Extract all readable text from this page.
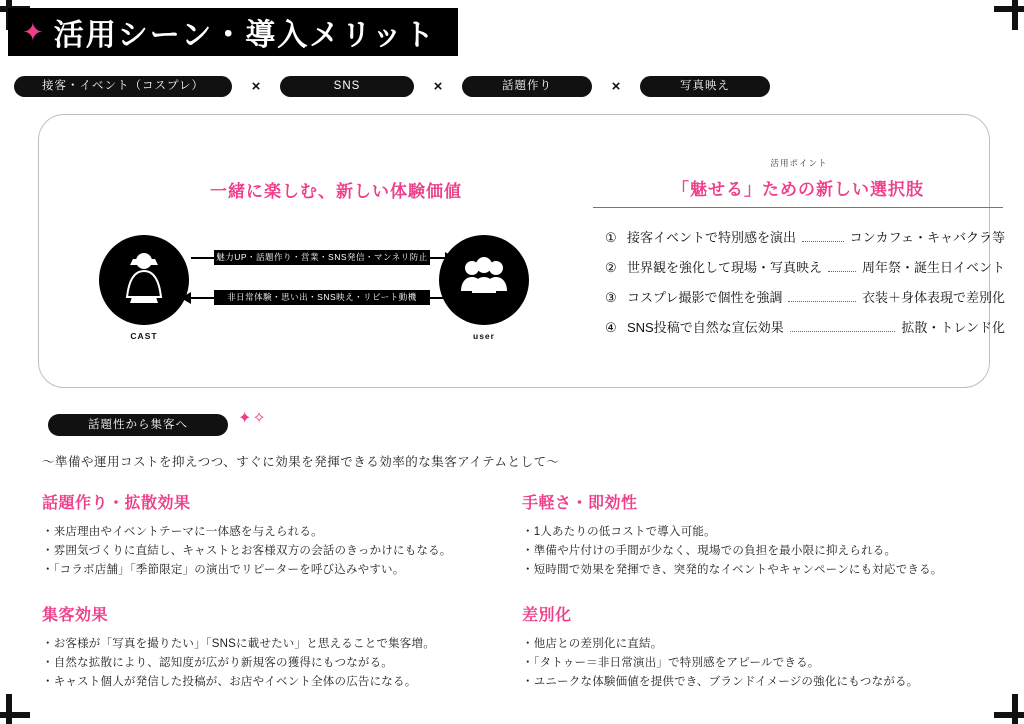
✦ 活用シーン・導入メリット
接客・イベント（コスプレ）	×	SNS	×	話題作り	×	写真映え
一緒に楽しむ、新しい体験価値
活用ポイント
「魅せる」ための新しい選択肢
CAST	user
魅力UP・話題作り・営業・SNS発信・マンネリ防止
非日常体験・思い出・SNS映え・リピート動機
① 接客イベントで特別感を演出	コンカフェ・キャバクラ等
② 世界観を強化して現場・写真映え	周年祭・誕生日イベント
③ コスプレ撮影で個性を強調	衣装＋身体表現で差別化
④ SNS投稿で自然な宣伝効果	拡散・トレンド化
話題性から集客へ	✦✧
〜準備や運用コストを抑えつつ、すぐに効果を発揮できる効率的な集客アイテムとして〜
話題作り・拡散効果
・来店理由やイベントテーマに一体感を与えられる。
・雰囲気づくりに直結し、キャストとお客様双方の会話のきっかけにもなる。
・「コラボ店舗」「季節限定」の演出でリピーターを呼び込みやすい。
集客効果
・お客様が「写真を撮りたい」「SNSに載せたい」と思えることで集客増。
・自然な拡散により、認知度が広がり新規客の獲得にもつながる。
・キャスト個人が発信した投稿が、お店やイベント全体の広告になる。
手軽さ・即効性
・1人あたりの低コストで導入可能。
・準備や片付けの手間が少なく、現場での負担を最小限に抑えられる。
・短時間で効果を発揮でき、突発的なイベントやキャンペーンにも対応できる。
差別化
・他店との差別化に直結。
・「タトゥー＝非日常演出」で特別感をアピールできる。
・ユニークな体験価値を提供でき、ブランドイメージの強化にもつながる。
